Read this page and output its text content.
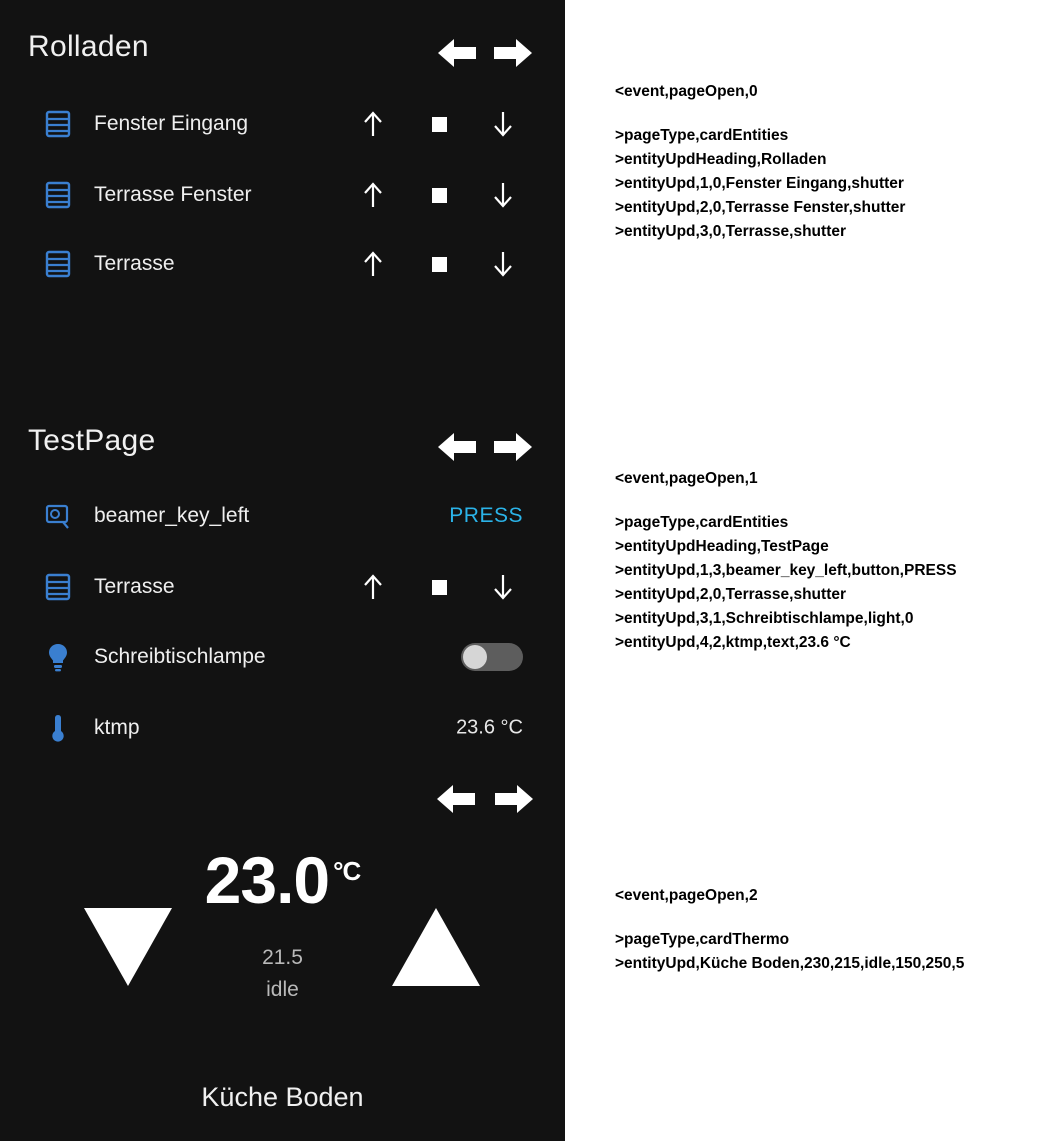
Rolladen
Fenster Eingang
Terrasse Fenster
Terrasse
TestPage
beamer_key_left	PRESS
Terrasse
Schreibtischlampe
ktmp	23.6 °C
23.0 $^{^\circ C}$
21.5
idle
Küche Boden
<event,pageOpen,0
>pageType,cardEntities
>entityUpdHeading,Rolladen
>entityUpd,1,0,Fenster Eingang,shutter
>entityUpd,2,0,Terrasse Fenster,shutter
>entityUpd,3,0,Terrasse,shutter
<event,pageOpen,1
>pageType,cardEntities
>entityUpdHeading,TestPage
>entityUpd,1,3,beamer_key_left,button,PRESS
>entityUpd,2,0,Terrasse,shutter
>entityUpd,3,1,Schreibtischlampe,light,0
>entityUpd,4,2,ktmp,text,23.6 °C
<event,pageOpen,2
>pageType,cardThermo
>entityUpd,Küche Boden,230,215,idle,150,250,5
